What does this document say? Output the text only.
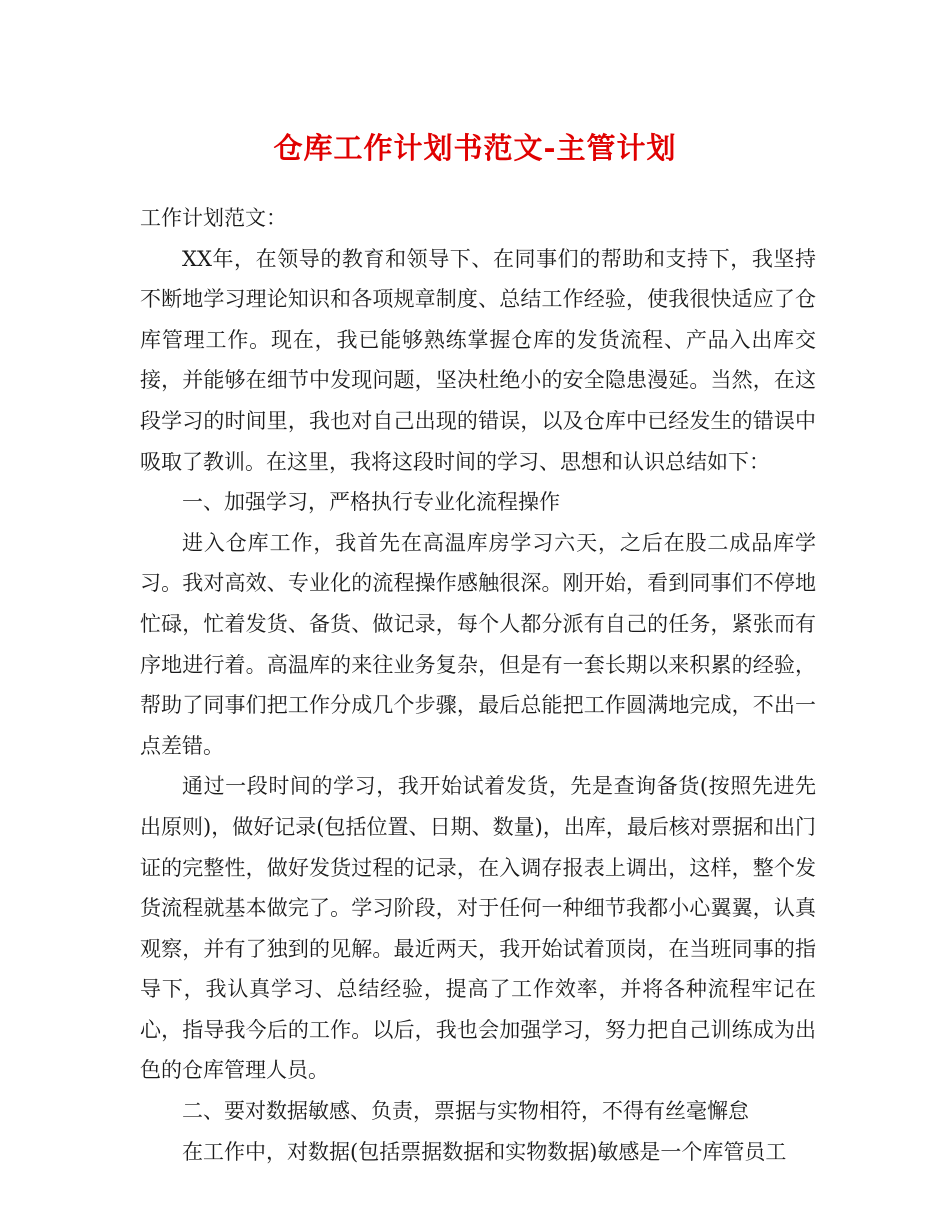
仓库工作计划书范文-主管计划

工作计划范文：

XX年，在领导的教育和领导下、在同事们的帮助和支持下，我坚持不断地学习理论知识和各项规章制度、总结工作经验，使我很快适应了仓库管理工作。现在，我已能够熟练掌握仓库的发货流程、产品入出库交接，并能够在细节中发现问题，坚决杜绝小的安全隐患漫延。当然，在这段学习的时间里，我也对自己出现的错误，以及仓库中已经发生的错误中吸取了教训。在这里，我将这段时间的学习、思想和认识总结如下：

一、加强学习，严格执行专业化流程操作

进入仓库工作，我首先在高温库房学习六天，之后在股二成品库学习。我对高效、专业化的流程操作感触很深。刚开始，看到同事们不停地忙碌，忙着发货、备货、做记录，每个人都分派有自己的任务，紧张而有序地进行着。高温库的来往业务复杂，但是有一套长期以来积累的经验，帮助了同事们把工作分成几个步骤，最后总能把工作圆满地完成，不出一点差错。

通过一段时间的学习，我开始试着发货，先是查询备货(按照先进先出原则)，做好记录(包括位置、日期、数量)，出库，最后核对票据和出门证的完整性，做好发货过程的记录，在入调存报表上调出，这样，整个发货流程就基本做完了。学习阶段，对于任何一种细节我都小心翼翼，认真观察，并有了独到的见解。最近两天，我开始试着顶岗，在当班同事的指导下，我认真学习、总结经验，提高了工作效率，并将各种流程牢记在心，指导我今后的工作。以后，我也会加强学习，努力把自己训练成为出色的仓库管理人员。

二、要对数据敏感、负责，票据与实物相符，不得有丝毫懈怠

在工作中，对数据(包括票据数据和实物数据)敏感是一个库管员工
